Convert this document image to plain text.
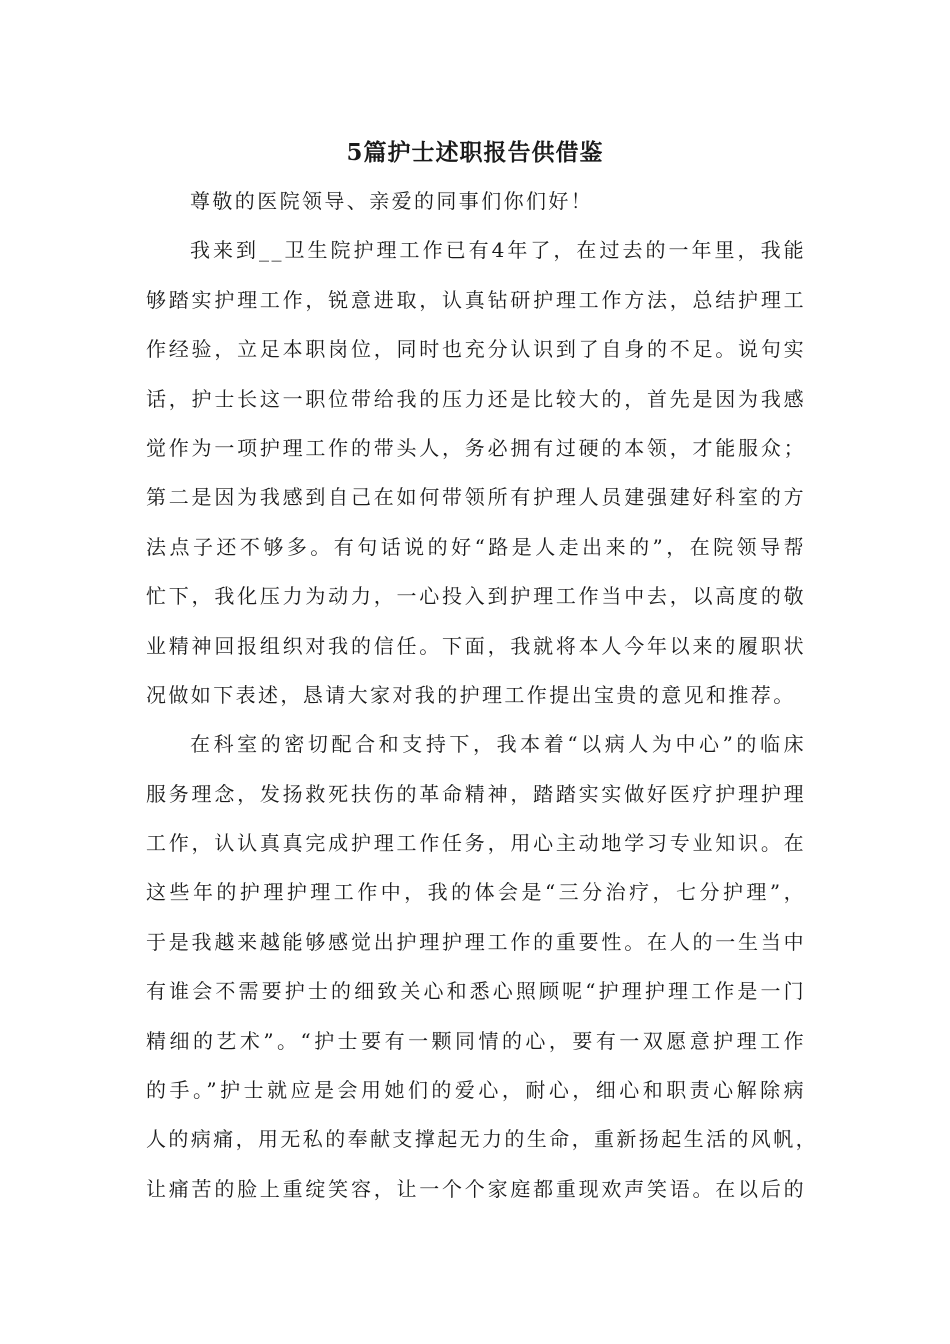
5篇护士述职报告供借鉴
尊敬的医院领导、亲爱的同事们你们好！
我来到__卫生院护理工作已有4年了，在过去的一年里，我能
够踏实护理工作，锐意进取，认真钻研护理工作方法，总结护理工
作经验，立足本职岗位，同时也充分认识到了自身的不足。说句实
话，护士长这一职位带给我的压力还是比较大的，首先是因为我感
觉作为一项护理工作的带头人，务必拥有过硬的本领，才能服众；
第二是因为我感到自己在如何带领所有护理人员建强建好科室的方
法点子还不够多。有句话说的好“路是人走出来的”，在院领导帮
忙下，我化压力为动力，一心投入到护理工作当中去，以高度的敬
业精神回报组织对我的信任。下面，我就将本人今年以来的履职状
况做如下表述，恳请大家对我的护理工作提出宝贵的意见和推荐。
在科室的密切配合和支持下，我本着“以病人为中心”的临床
服务理念，发扬救死扶伤的革命精神，踏踏实实做好医疗护理护理
工作，认认真真完成护理工作任务，用心主动地学习专业知识。在
这些年的护理护理工作中，我的体会是“三分治疗，七分护理”，
于是我越来越能够感觉出护理护理工作的重要性。在人的一生当中
有谁会不需要护士的细致关心和悉心照顾呢“护理护理工作是一门
精细的艺术”。“护士要有一颗同情的心，要有一双愿意护理工作
的手。”护士就应是会用她们的爱心，耐心，细心和职责心解除病
人的病痛，用无私的奉献支撑起无力的生命，重新扬起生活的风帆，
让痛苦的脸上重绽笑容，让一个个家庭都重现欢声笑语。在以后的
